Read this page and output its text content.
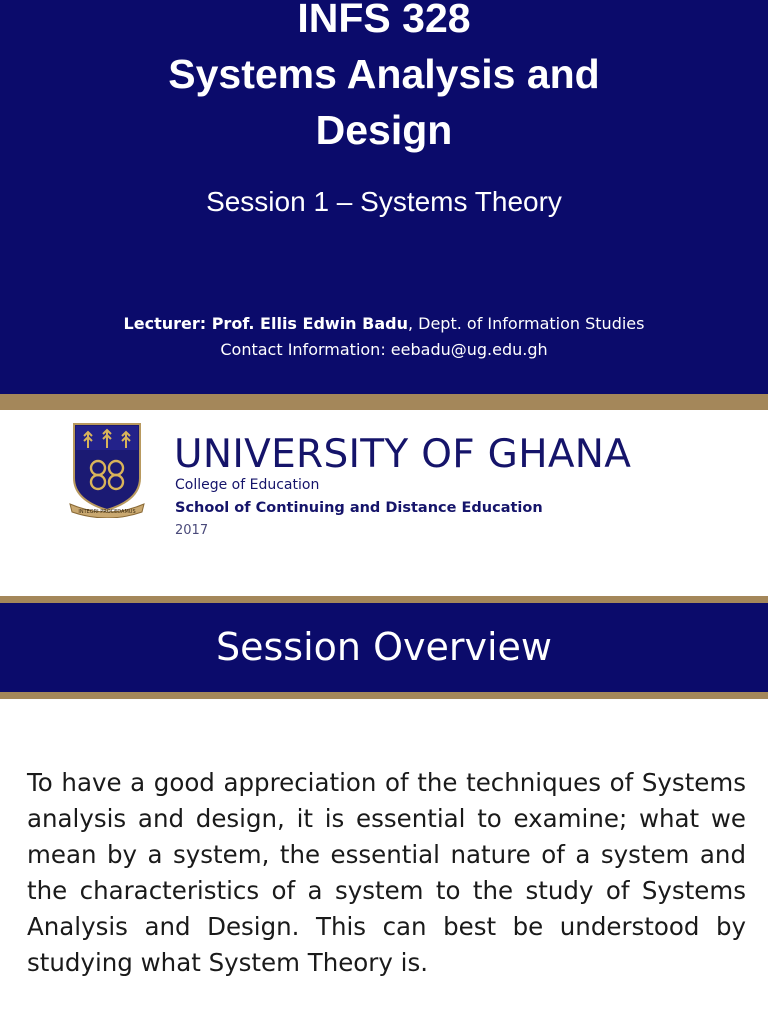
INFS 328
Systems Analysis and
Design
Session 1 – Systems Theory
Lecturer: Prof. Ellis Edwin Badu, Dept. of Information Studies
Contact Information: eebadu@ug.edu.gh
INTEGRI PROCEDAMUS
UNIVERSITY OF GHANA
College of Education
School of Continuing and Distance Education
2017
Session Overview

To have a good appreciation of the techniques of Systems analysis and design, it is essential to examine; what we mean by a system, the essential nature of a system and the characteristics of a system to the study of Systems Analysis and Design. This can best be understood by studying what System Theory is.
